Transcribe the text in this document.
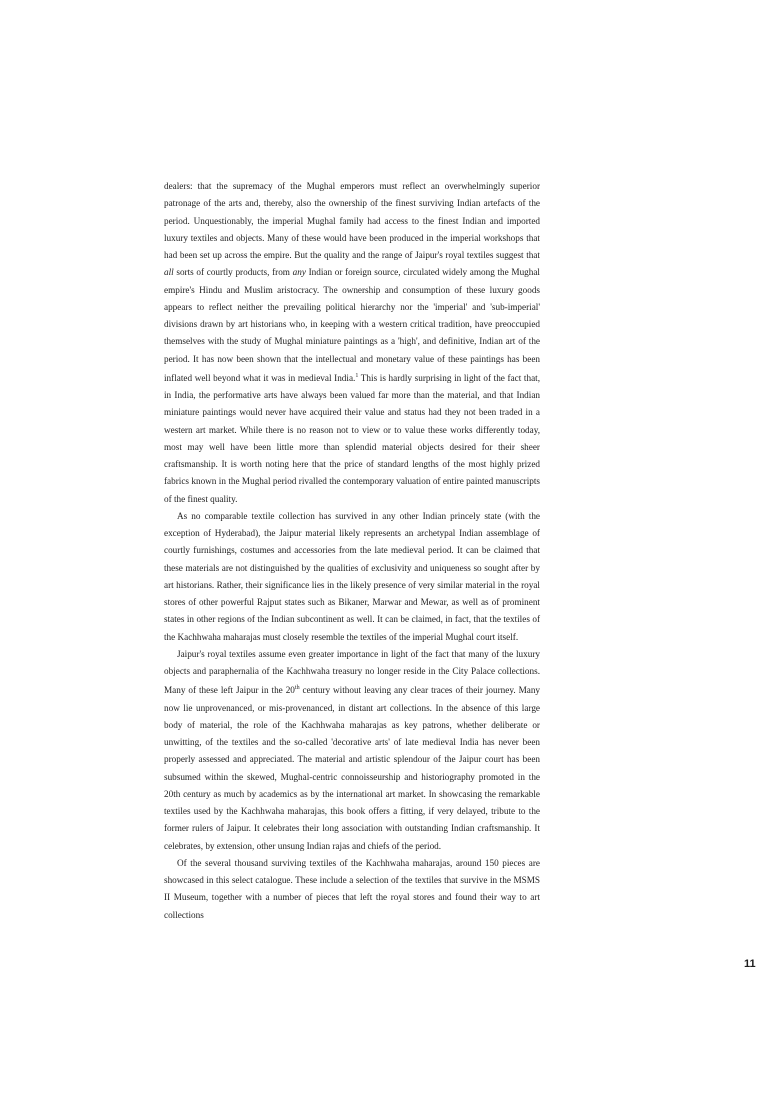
dealers: that the supremacy of the Mughal emperors must reflect an overwhelmingly superior patronage of the arts and, thereby, also the ownership of the finest surviving Indian artefacts of the period. Unquestionably, the imperial Mughal family had access to the finest Indian and imported luxury textiles and objects. Many of these would have been produced in the imperial workshops that had been set up across the empire. But the quality and the range of Jaipur's royal textiles suggest that all sorts of courtly products, from any Indian or foreign source, circulated widely among the Mughal empire's Hindu and Muslim aristocracy. The ownership and consumption of these luxury goods appears to reflect neither the prevailing political hierarchy nor the 'imperial' and 'sub-imperial' divisions drawn by art historians who, in keeping with a western critical tradition, have preoccupied themselves with the study of Mughal miniature paintings as a 'high', and definitive, Indian art of the period. It has now been shown that the intellectual and monetary value of these paintings has been inflated well beyond what it was in medieval India.$^1$ This is hardly surprising in light of the fact that, in India, the performative arts have always been valued far more than the material, and that Indian miniature paintings would never have acquired their value and status had they not been traded in a western art market. While there is no reason not to view or to value these works differently today, most may well have been little more than splendid material objects desired for their sheer craftsmanship. It is worth noting here that the price of standard lengths of the most highly prized fabrics known in the Mughal period rivalled the contemporary valuation of entire painted manuscripts of the finest quality.

As no comparable textile collection has survived in any other Indian princely state (with the exception of Hyderabad), the Jaipur material likely represents an archetypal Indian assemblage of courtly furnishings, costumes and accessories from the late medieval period. It can be claimed that these materials are not distinguished by the qualities of exclusivity and uniqueness so sought after by art historians. Rather, their significance lies in the likely presence of very similar material in the royal stores of other powerful Rajput states such as Bikaner, Marwar and Mewar, as well as of prominent states in other regions of the Indian subcontinent as well. It can be claimed, in fact, that the textiles of the Kachhwaha maharajas must closely resemble the textiles of the imperial Mughal court itself.

Jaipur's royal textiles assume even greater importance in light of the fact that many of the luxury objects and paraphernalia of the Kachhwaha treasury no longer reside in the City Palace collections. Many of these left Jaipur in the 20th century without leaving any clear traces of their journey. Many now lie unprovenanced, or mis-provenanced, in distant art collections. In the absence of this large body of material, the role of the Kachhwaha maharajas as key patrons, whether deliberate or unwitting, of the textiles and the so-called 'decorative arts' of late medieval India has never been properly assessed and appreciated. The material and artistic splendour of the Jaipur court has been subsumed within the skewed, Mughal-centric connoisseurship and historiography promoted in the 20th century as much by academics as by the international art market. In showcasing the remarkable textiles used by the Kachhwaha maharajas, this book offers a fitting, if very delayed, tribute to the former rulers of Jaipur. It celebrates their long association with outstanding Indian craftsmanship. It celebrates, by extension, other unsung Indian rajas and chiefs of the period.

Of the several thousand surviving textiles of the Kachhwaha maharajas, around 150 pieces are showcased in this select catalogue. These include a selection of the textiles that survive in the MSMS II Museum, together with a number of pieces that left the royal stores and found their way to art collections

11
